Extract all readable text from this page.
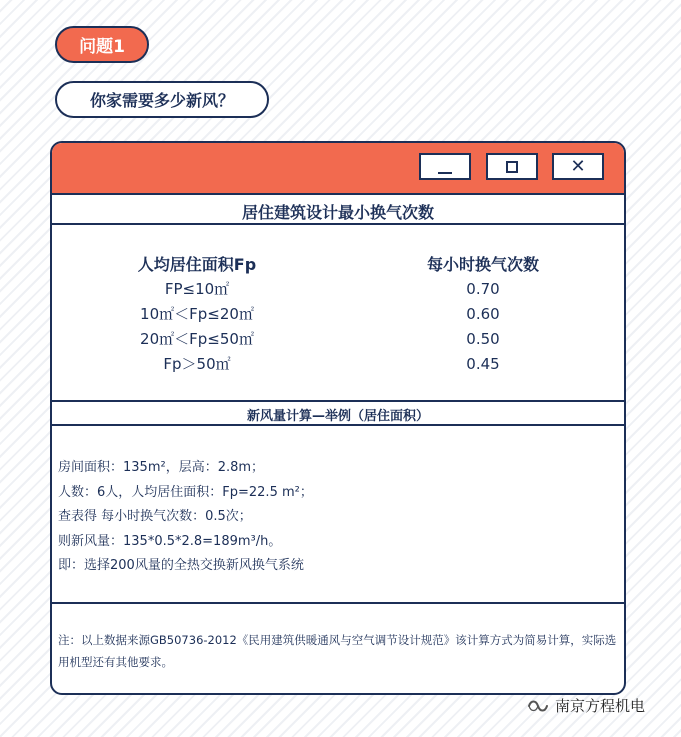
问题1
你家需要多少新风？
✕
居住建筑设计最小换气次数
人均居住面积Fp	每小时换气次数
FP≤10㎡	0.70
10㎡＜Fp≤20㎡	0.60
20㎡＜Fp≤50㎡	0.50
Fp＞50㎡	0.45
新风量计算—举例（居住面积）
房间面积：135m²，层高：2.8m；
人数：6人，人均居住面积：Fp=22.5 m²；
查表得 每小时换气次数：0.5次；
则新风量：135*0.5*2.8=189m³/h。
即：选择200风量的全热交换新风换气系统
注：以上数据来源GB50736-2012《民用建筑供暖通风与空气调节设计规范》该计算方式为简易计算，实际选用机型还有其他要求。
南京方程机电
